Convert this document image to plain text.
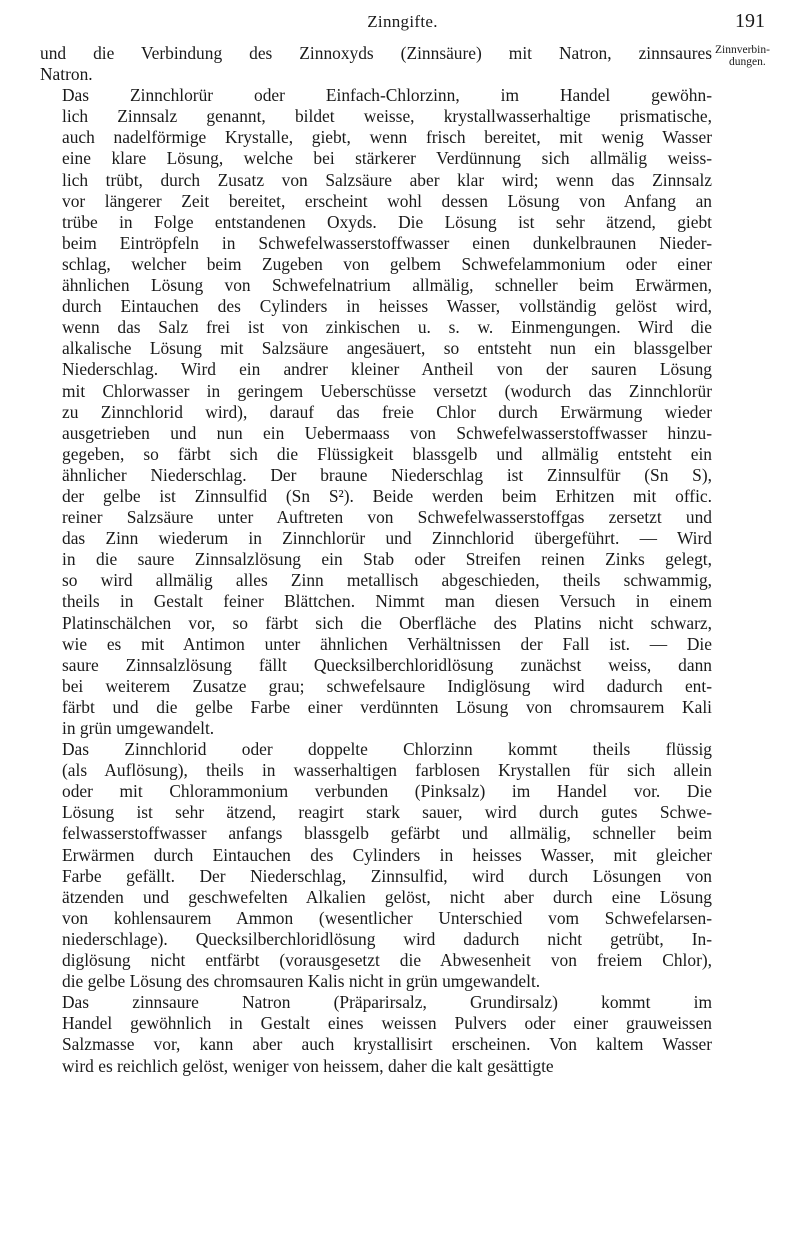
Zinngifte.	191
Zinnverbin-
dungen.

und die Verbindung des Zinnoxyds (Zinnsäure) mit Natron, zinnsaures
Natron.

Das Zinnchlorür oder Einfach-Chlorzinn, im Handel gewöhn-
lich Zinnsalz genannt, bildet weisse, krystallwasserhaltige prismatische,
auch nadelförmige Krystalle, giebt, wenn frisch bereitet, mit wenig Wasser
eine klare Lösung, welche bei stärkerer Verdünnung sich allmälig weiss-
lich trübt, durch Zusatz von Salzsäure aber klar wird; wenn das Zinnsalz
vor längerer Zeit bereitet, erscheint wohl dessen Lösung von Anfang an
trübe in Folge entstandenen Oxyds. Die Lösung ist sehr ätzend, giebt
beim Eintröpfeln in Schwefelwasserstoffwasser einen dunkelbraunen Nieder-
schlag, welcher beim Zugeben von gelbem Schwefelammonium oder einer
ähnlichen Lösung von Schwefelnatrium allmälig, schneller beim Erwärmen,
durch Eintauchen des Cylinders in heisses Wasser, vollständig gelöst wird,
wenn das Salz frei ist von zinkischen u. s. w. Einmengungen. Wird die
alkalische Lösung mit Salzsäure angesäuert, so entsteht nun ein blassgelber
Niederschlag. Wird ein andrer kleiner Antheil von der sauren Lösung
mit Chlorwasser in geringem Ueberschüsse versetzt (wodurch das Zinnchlorür
zu Zinnchlorid wird), darauf das freie Chlor durch Erwärmung wieder
ausgetrieben und nun ein Uebermaass von Schwefelwasserstoffwasser hinzu-
gegeben, so färbt sich die Flüssigkeit blassgelb und allmälig entsteht ein
ähnlicher Niederschlag. Der braune Niederschlag ist Zinnsulfür (Sn S),
der gelbe ist Zinnsulfid (Sn S²). Beide werden beim Erhitzen mit offic.
reiner Salzsäure unter Auftreten von Schwefelwasserstoffgas zersetzt und
das Zinn wiederum in Zinnchlorür und Zinnchlorid übergeführt. — Wird
in die saure Zinnsalzlösung ein Stab oder Streifen reinen Zinks gelegt,
so wird allmälig alles Zinn metallisch abgeschieden, theils schwammig,
theils in Gestalt feiner Blättchen. Nimmt man diesen Versuch in einem
Platinschälchen vor, so färbt sich die Oberfläche des Platins nicht schwarz,
wie es mit Antimon unter ähnlichen Verhältnissen der Fall ist. — Die
saure Zinnsalzlösung fällt Quecksilberchloridlösung zunächst weiss, dann
bei weiterem Zusatze grau; schwefelsaure Indiglösung wird dadurch ent-
färbt und die gelbe Farbe einer verdünnten Lösung von chromsaurem Kali
in grün umgewandelt.

Das Zinnchlorid oder doppelte Chlorzinn kommt theils flüssig
(als Auflösung), theils in wasserhaltigen farblosen Krystallen für sich allein
oder mit Chlorammonium verbunden (Pinksalz) im Handel vor. Die
Lösung ist sehr ätzend, reagirt stark sauer, wird durch gutes Schwe-
felwasserstoffwasser anfangs blassgelb gefärbt und allmälig, schneller beim
Erwärmen durch Eintauchen des Cylinders in heisses Wasser, mit gleicher
Farbe gefällt. Der Niederschlag, Zinnsulfid, wird durch Lösungen von
ätzenden und geschwefelten Alkalien gelöst, nicht aber durch eine Lösung
von kohlensaurem Ammon (wesentlicher Unterschied vom Schwefelarsen-
niederschlage). Quecksilberchloridlösung wird dadurch nicht getrübt, In-
diglösung nicht entfärbt (vorausgesetzt die Abwesenheit von freiem Chlor),
die gelbe Lösung des chromsauren Kalis nicht in grün umgewandelt.

Das zinnsaure Natron (Präparirsalz, Grundirsalz) kommt im
Handel gewöhnlich in Gestalt eines weissen Pulvers oder einer grauweissen
Salzmasse vor, kann aber auch krystallisirt erscheinen. Von kaltem Wasser
wird es reichlich gelöst, weniger von heissem, daher die kalt gesättigte
